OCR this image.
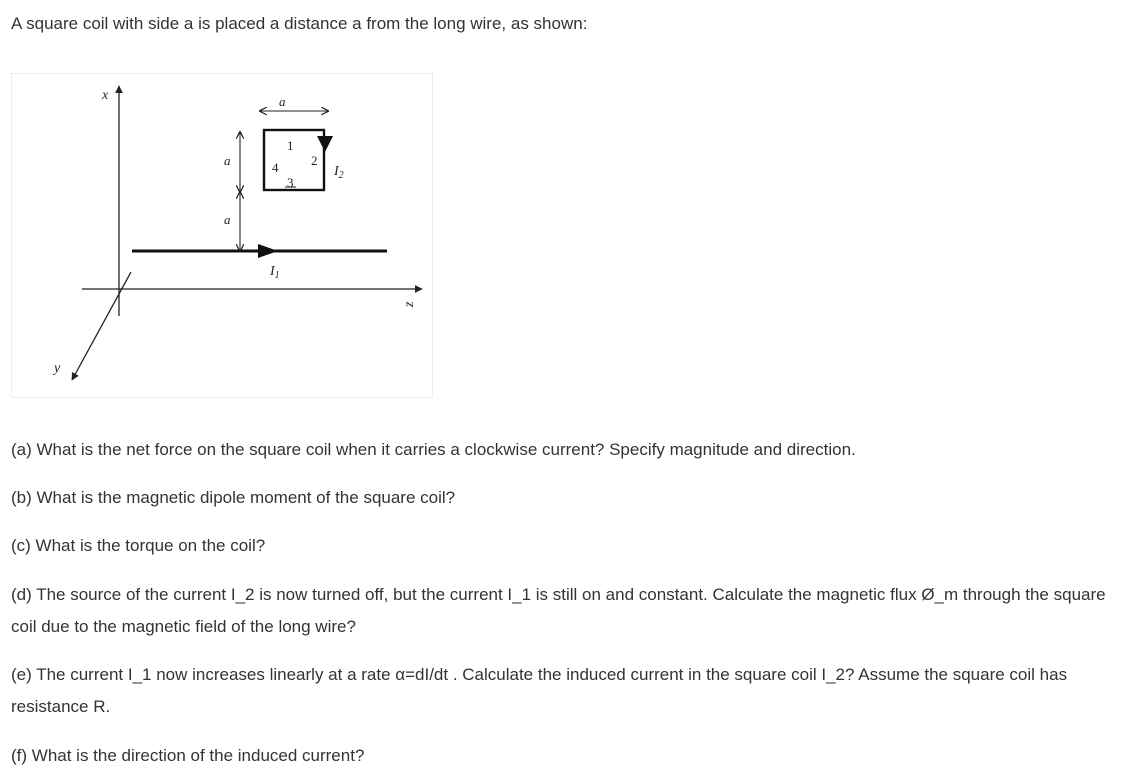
A square coil with side a is placed a distance a from the long wire, as shown:

x
z
y
$I_1$
$I_2$
1
2
3
4
a
a
a

(a) What is the net force on the square coil when it carries a clockwise current? Specify magnitude and direction.

(b) What is the magnetic dipole moment of the square coil?

(c) What is the torque on the coil?

(d) The source of the current I_2 is now turned off, but the current I_1 is still on and constant. Calculate the magnetic flux Ø_m through the square coil due to the magnetic field of the long wire?

(e) The current I_1 now increases linearly at a rate α=dI/dt . Calculate the induced current in the square coil I_2? Assume the square coil has resistance R.

(f) What is the direction of the induced current?
